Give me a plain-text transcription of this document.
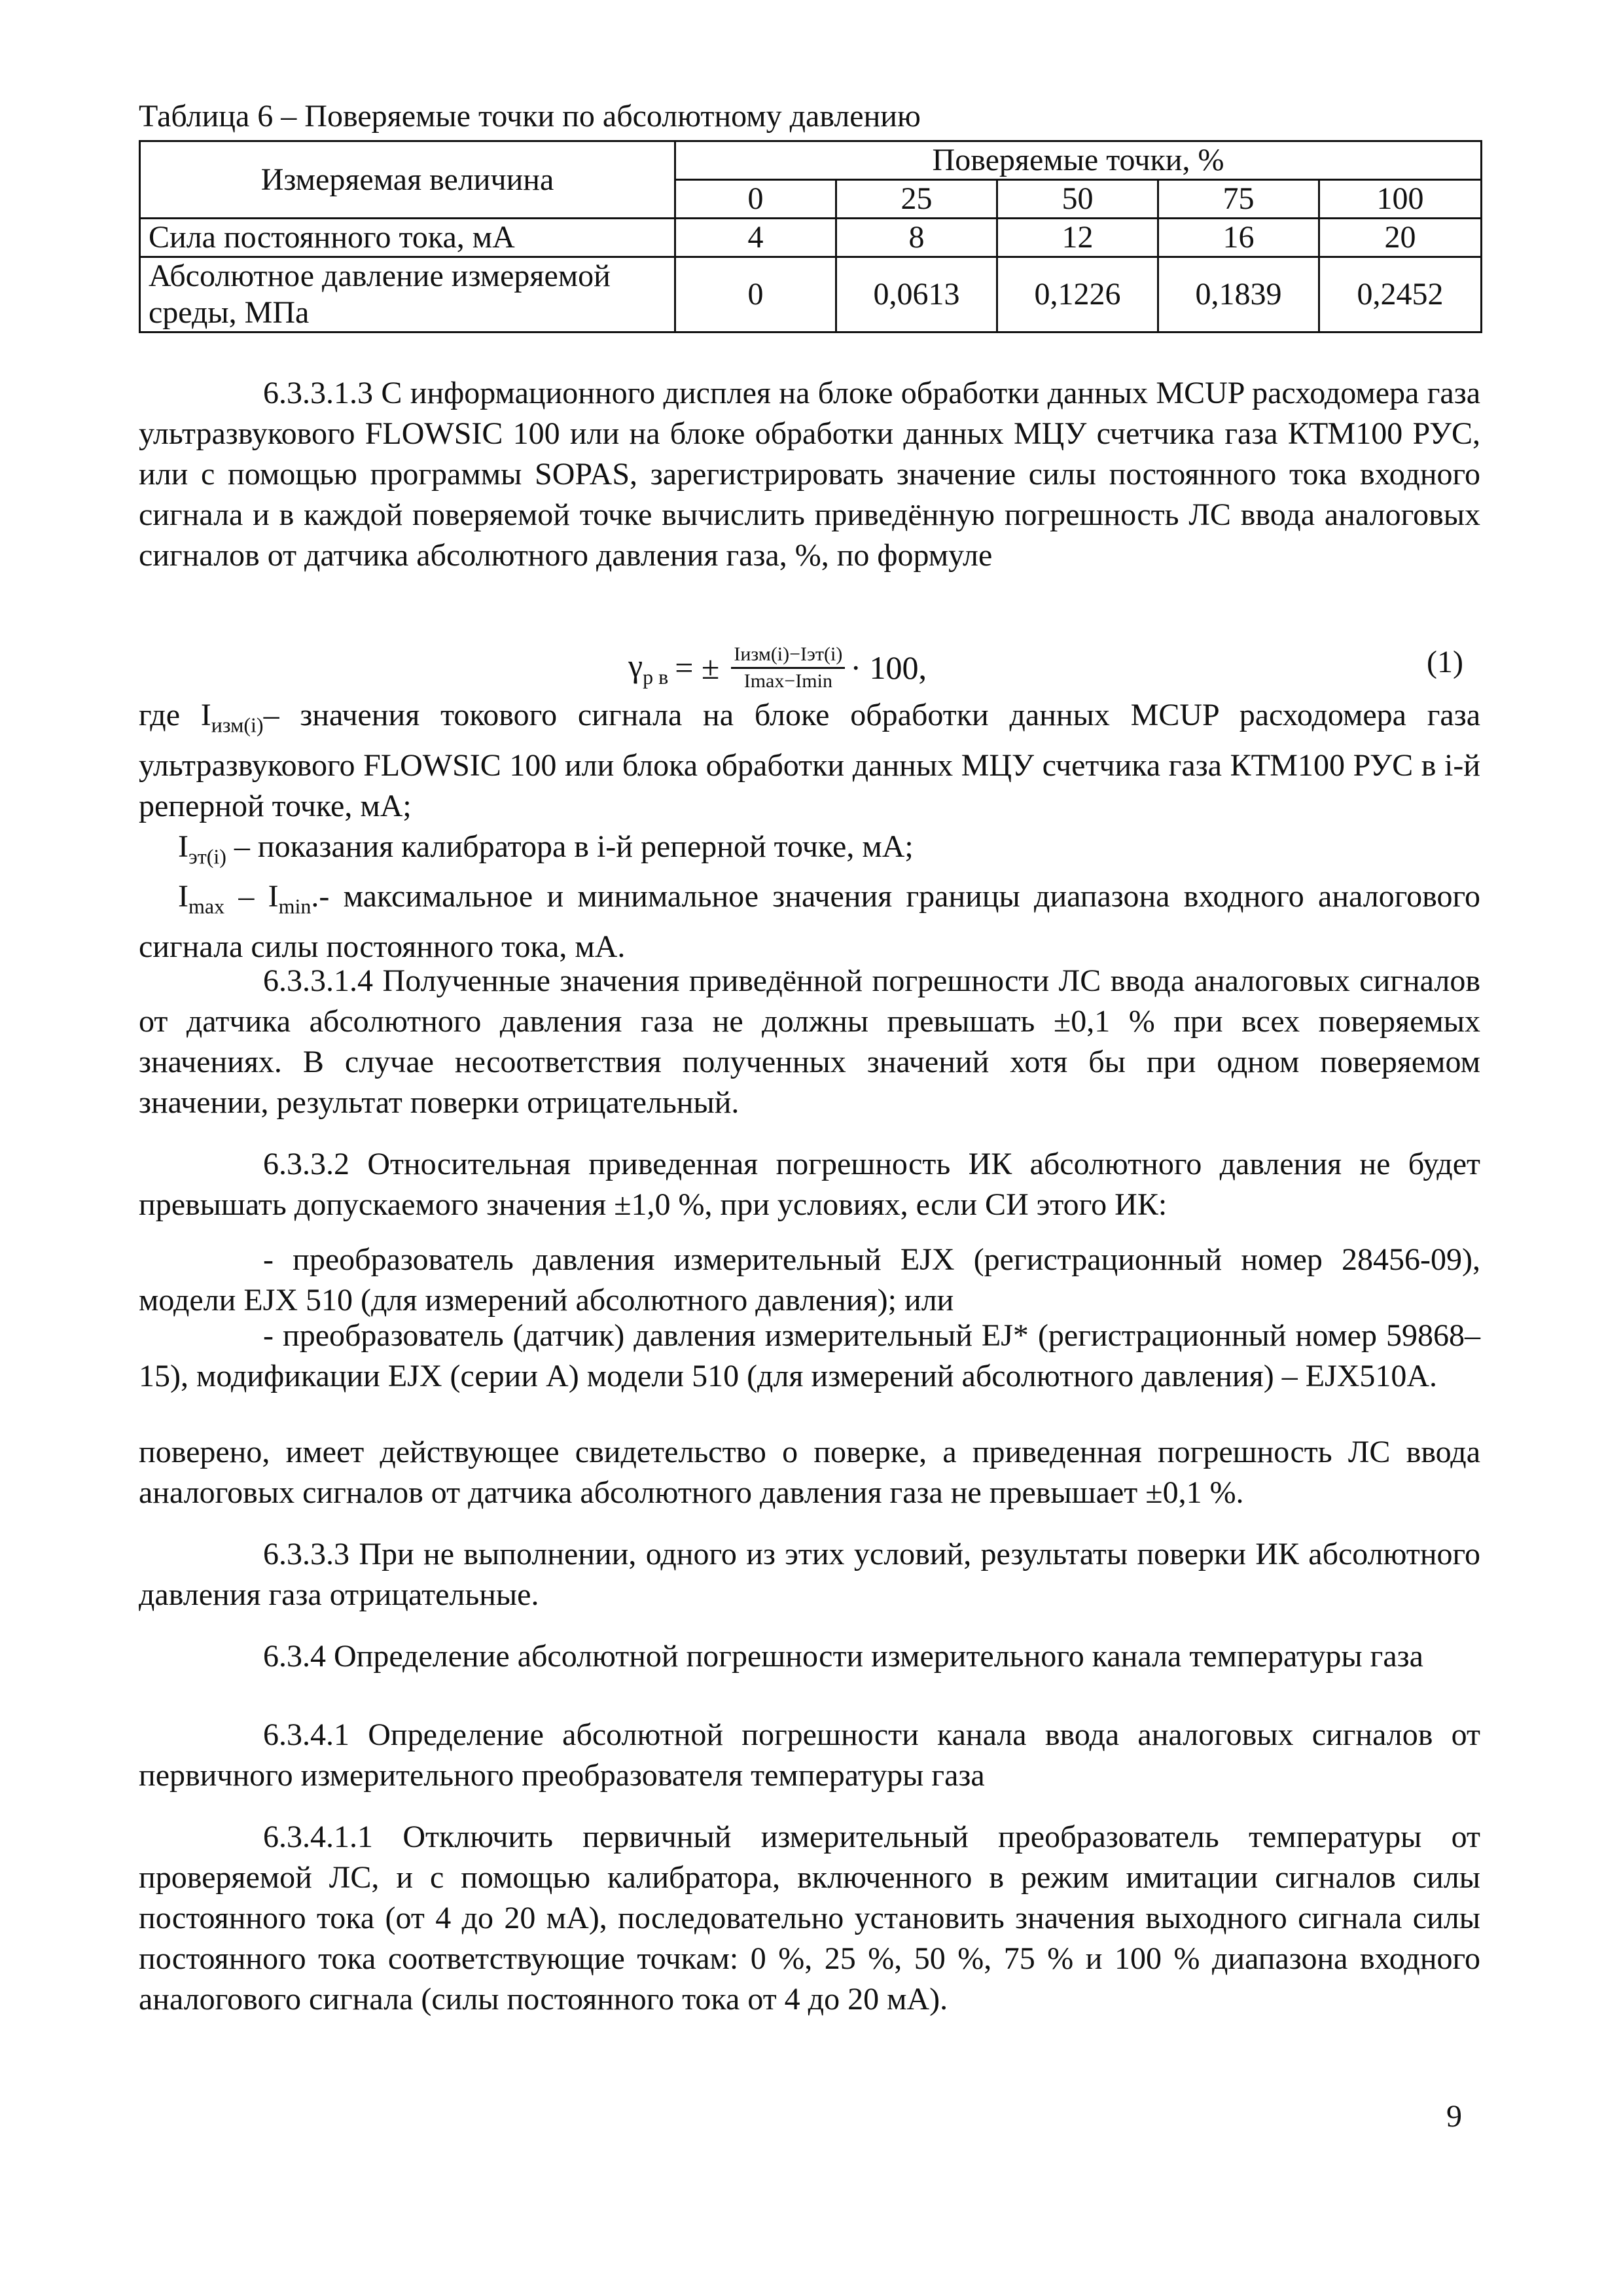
Таблица 6 – Поверяемые точки по абсолютному давлению
Измеряемая величина	Поверяемые точки, %				
	0	25	50	75	100
Сила постоянного тока, мА	4	8	12	16	20

Абсолютное давление измеряемой
среды, МПа	0	0,0613	0,1226	0,1839	0,2452
6.3.3.1.3 С информационного дисплея на блоке обработки данных MCUP расходомера газа ультразвукового FLOWSIC 100 или на блоке обработки данных МЦУ счетчика газа КТМ100 РУС, или с помощью программы SOPAS, зарегистрировать значение силы постоянного тока входного сигнала и в каждой поверяемой точке вычислить приведённую погрешность ЛС ввода аналоговых сигналов от датчика абсолютного давления газа, %, по формуле
$\gamma_{р в}$ = ± $\frac{\text{Iизм(i)−Iэт(i)}}{Imax-Imin} \cdot 100$,	(1)
где $I_{изм(i)}-$ значения токового сигнала на блоке обработки данных MCUP расходомера газа ультразвукового FLOWSIC 100 или блока обработки данных МЦУ счетчика газа КТМ100 РУС в i-й реперной точке, мА;
$I_{эт(i)}$ – показания калибратора в i-й реперной точке, мА;
$I_{max} - I_{min}.-$ максимальное и минимальное значения границы диапазона входного аналогового сигнала силы постоянного тока, мА.
6.3.3.1.4 Полученные значения приведённой погрешности ЛС ввода аналоговых сигналов от датчика абсолютного давления газа не должны превышать ±0,1 % при всех поверяемых значениях. В случае несоответствия полученных значений хотя бы при одном поверяемом значении, результат поверки отрицательный.
6.3.3.2 Относительная приведенная погрешность ИК абсолютного давления не будет превышать допускаемого значения ±1,0 %, при условиях, если СИ этого ИК:
- преобразователь давления измерительный EJX (регистрационный номер 28456-09), модели EJX 510 (для измерений абсолютного давления); или
- преобразователь (датчик) давления измерительный EJ* (регистрационный номер 59868–15), модификации EJX (серии А) модели 510 (для измерений абсолютного давления) – EJX510A.
поверено, имеет действующее свидетельство о поверке, а приведенная погрешность ЛС ввода аналоговых сигналов от датчика абсолютного давления газа не превышает ±0,1 %.
6.3.3.3 При не выполнении, одного из этих условий, результаты поверки ИК абсолютного давления газа отрицательные.
6.3.4 Определение абсолютной погрешности измерительного канала температуры газа
6.3.4.1 Определение абсолютной погрешности канала ввода аналоговых сигналов от первичного измерительного преобразователя температуры газа
6.3.4.1.1 Отключить первичный измерительный преобразователь температуры от проверяемой ЛС, и с помощью калибратора, включенного в режим имитации сигналов силы постоянного тока (от 4 до 20 мА), последовательно установить значения выходного сигнала силы постоянного тока соответствующие точкам: 0 %, 25 %, 50 %, 75 % и 100 % диапазона входного аналогового сигнала (силы постоянного тока от 4 до 20 мА).
9
